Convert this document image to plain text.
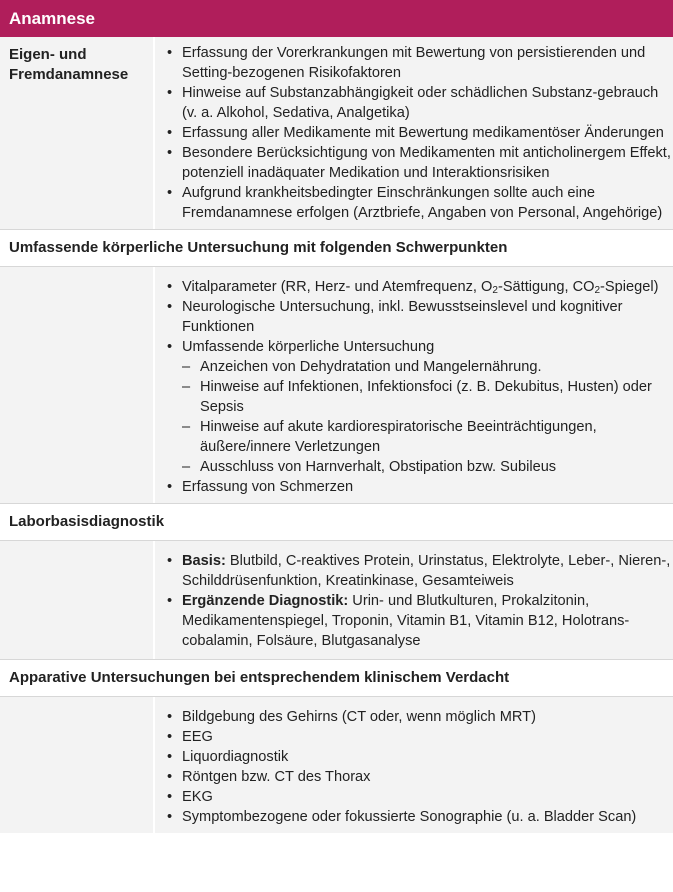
Anamnese
Eigen- und Fremdanamnese
• Erfassung der Vorerkrankungen mit Bewertung von persistierenden und Setting-bezogenen Risikofaktoren
• Hinweise auf Substanzabhängigkeit oder schädlichen Substanz-gebrauch (v. a. Alkohol, Sedativa, Analgetika)
• Erfassung aller Medikamente mit Bewertung medikamentöser Änderungen
• Besondere Berücksichtigung von Medikamenten mit anticholinergem Effekt, potenziell inadäquater Medikation und Interaktionsrisiken
• Aufgrund krankheitsbedingter Einschränkungen sollte auch eine Fremdanamnese erfolgen (Arztbriefe, Angaben von Personal, Angehörige)
Umfassende körperliche Untersuchung mit folgenden Schwerpunkten
• Vitalparameter (RR, Herz- und Atemfrequenz, $O_2$-Sättigung, $CO_2-Spiegel$)
• Neurologische Untersuchung, inkl. Bewusstseinslevel und kognitiver Funktionen
• Umfassende körperliche Untersuchung
– Anzeichen von Dehydratation und Mangelernährung.
– Hinweise auf Infektionen, Infektionsfoci (z. B. Dekubitus, Husten) oder Sepsis
– Hinweise auf akute kardiorespiratorische Beeinträchtigungen, äußere/innere Verletzungen
– Ausschluss von Harnverhalt, Obstipation bzw. Subileus
• Erfassung von Schmerzen
Laborbasisdiagnostik
• Basis: Blutbild, C-reaktives Protein, Urinstatus, Elektrolyte, Leber-, Nieren-, Schilddrüsenfunktion, Kreatinkinase, Gesamteiweis
• Ergänzende Diagnostik: Urin- und Blutkulturen, Prokalzitonin, Medikamentenspiegel, Troponin, Vitamin B1, Vitamin B12, Holotrans-cobalamin, Folsäure, Blutgasanalyse
Apparative Untersuchungen bei entsprechendem klinischem Verdacht
• Bildgebung des Gehirns (CT oder, wenn möglich MRT)
• EEG
• Liquordiagnostik
• Röntgen bzw. CT des Thorax
• EKG
• Symptombezogene oder fokussierte Sonographie (u. a. Bladder Scan)
